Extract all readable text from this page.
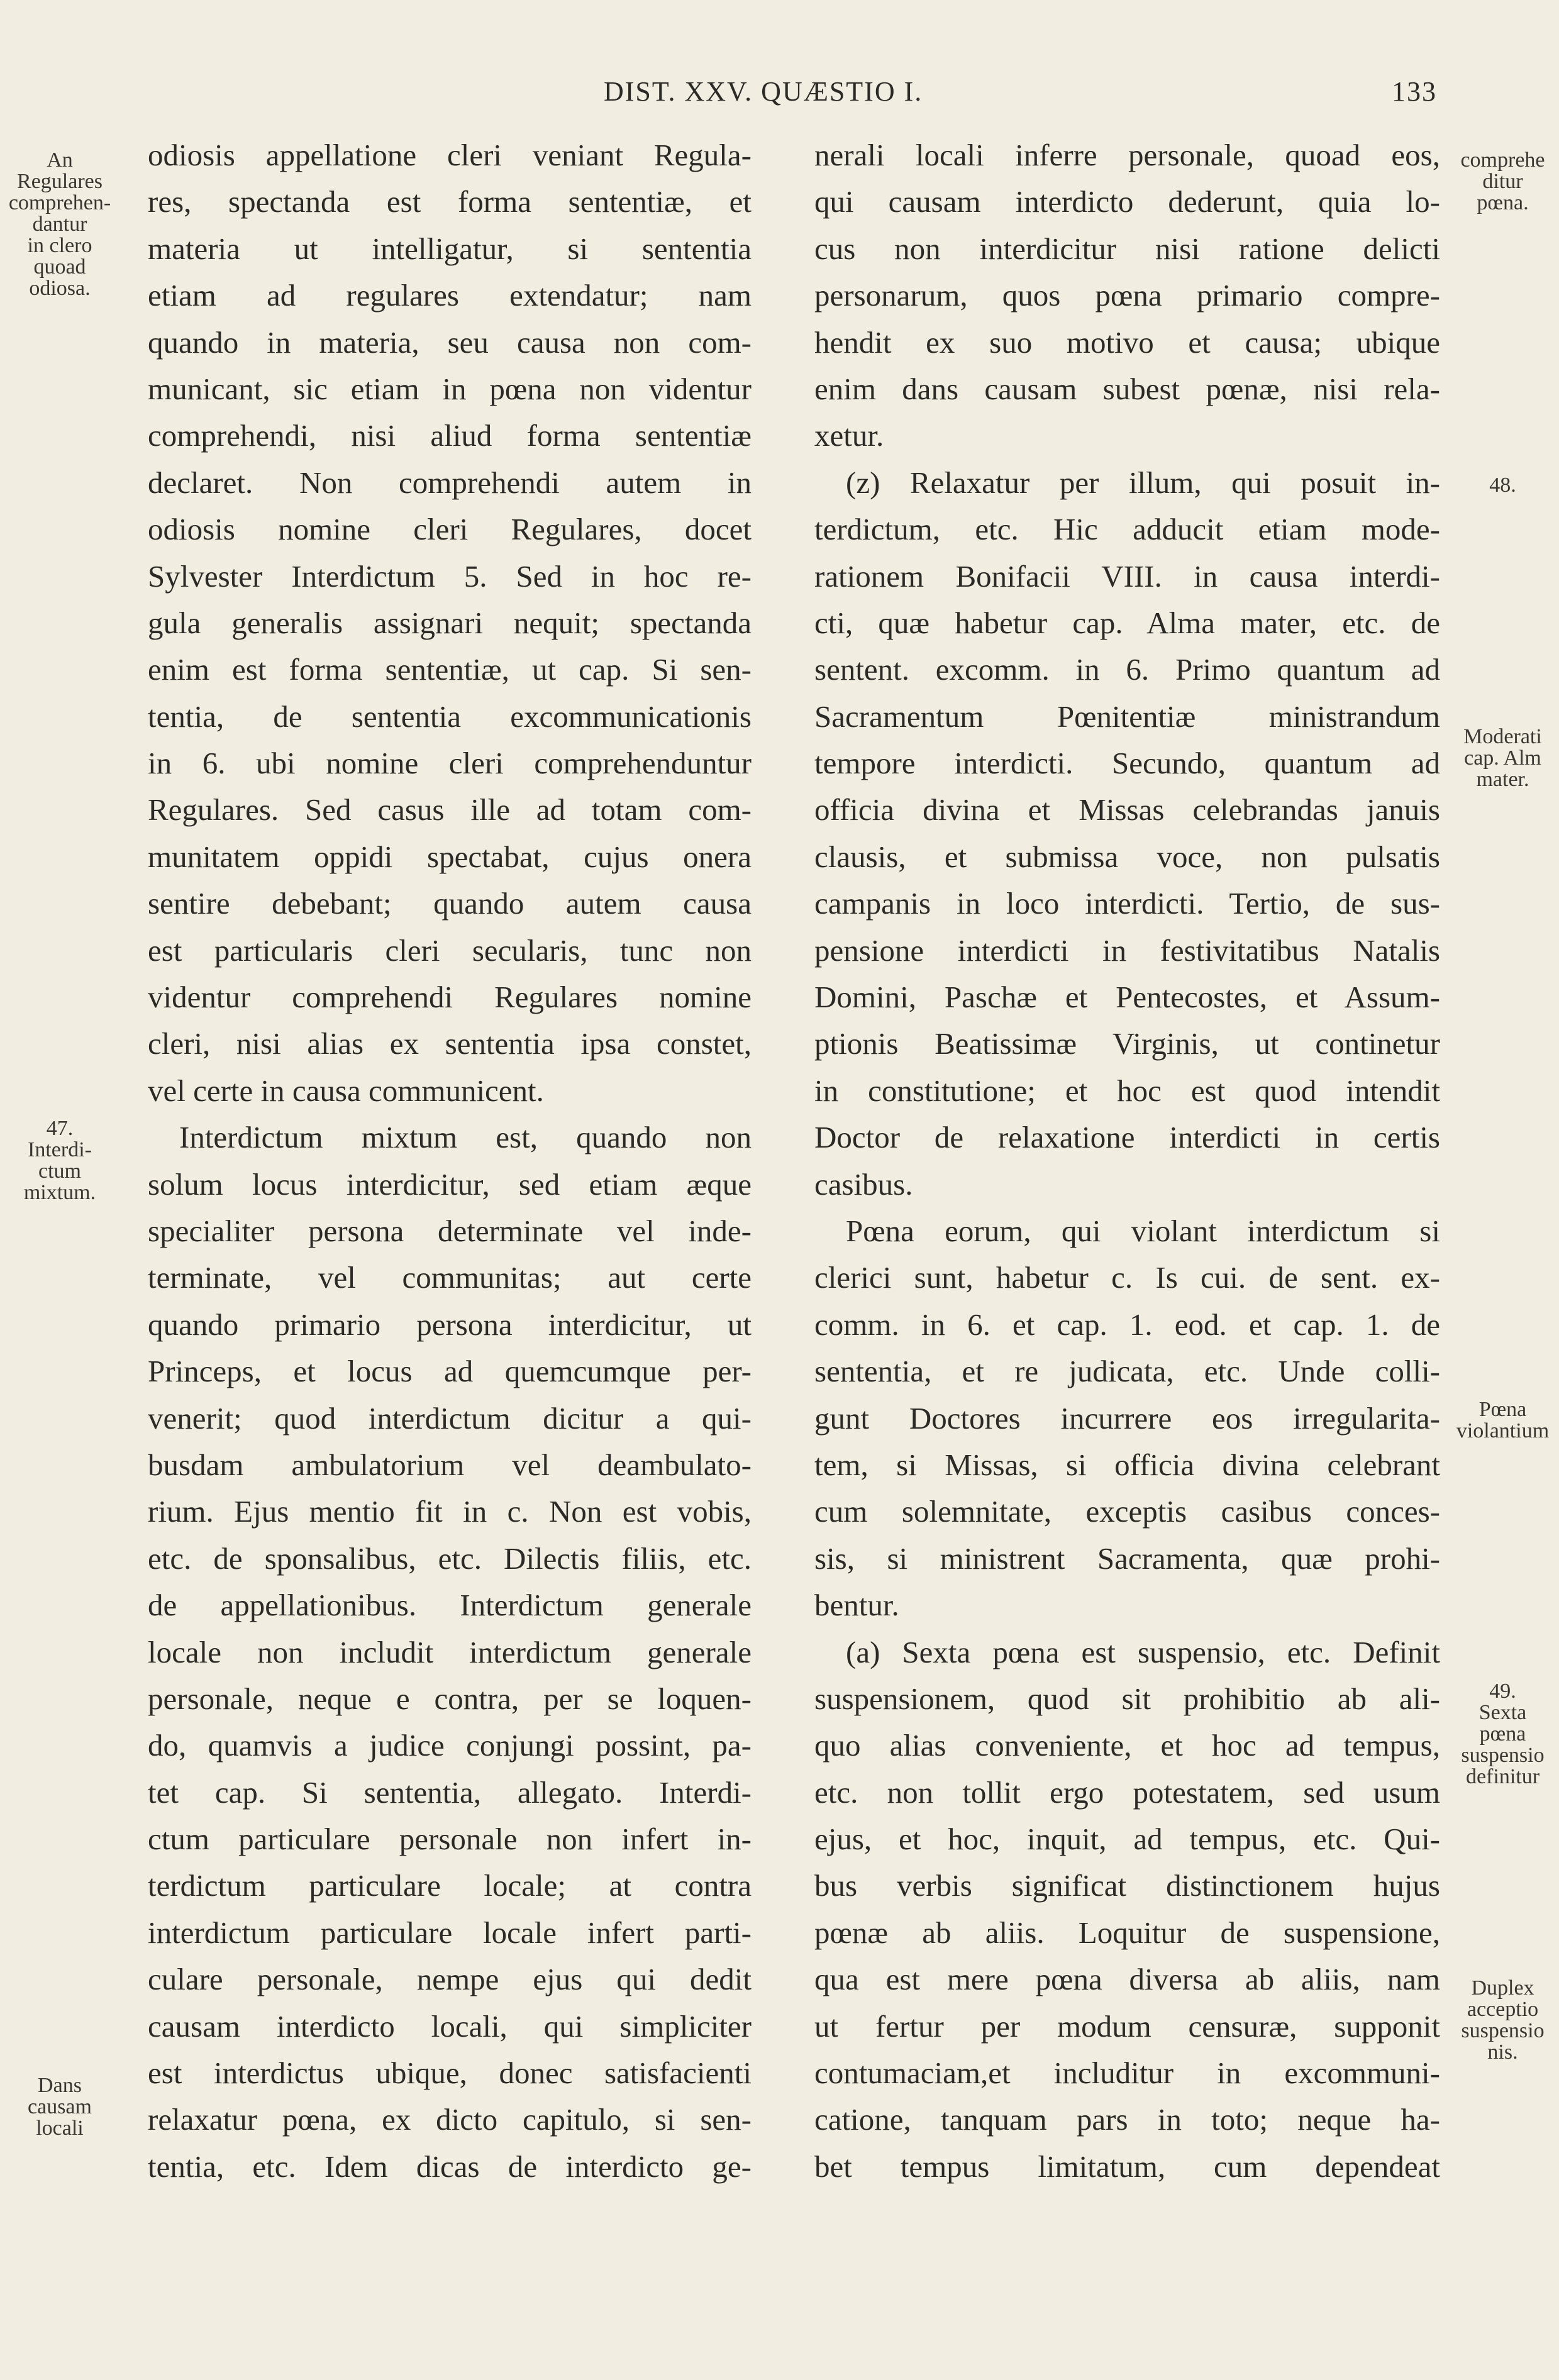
DIST. XXV. QUÆSTIO I.	133
odiosis appellatione cleri veniant Regula-
res, spectanda est forma sententiæ, et
materia ut intelligatur, si sententia
etiam ad regulares extendatur; nam
quando in materia, seu causa non com-
municant, sic etiam in pœna non videntur
comprehendi, nisi aliud forma sententiæ
declaret. Non comprehendi autem in
odiosis nomine cleri Regulares, docet
Sylvester Interdictum 5. Sed in hoc re-
gula generalis assignari nequit; spectanda
enim est forma sententiæ, ut cap. Si sen-
tentia, de sententia excommunicationis
in 6. ubi nomine cleri comprehenduntur
Regulares. Sed casus ille ad totam com-
munitatem oppidi spectabat, cujus onera
sentire debebant; quando autem causa
est particularis cleri secularis, tunc non
videntur comprehendi Regulares nomine
cleri, nisi alias ex sententia ipsa constet,
vel certe in causa communicent.
Interdictum mixtum est, quando non
solum locus interdicitur, sed etiam æque
specialiter persona determinate vel inde-
terminate, vel communitas; aut certe
quando primario persona interdicitur, ut
Princeps, et locus ad quemcumque per-
venerit; quod interdictum dicitur a qui-
busdam ambulatorium vel deambulato-
rium. Ejus mentio fit in c. Non est vobis,
etc. de sponsalibus, etc. Dilectis filiis, etc.
de appellationibus. Interdictum generale
locale non includit interdictum generale
personale, neque e contra, per se loquen-
do, quamvis a judice conjungi possint, pa-
tet cap. Si sententia, allegato. Interdi-
ctum particulare personale non infert in-
terdictum particulare locale; at contra
interdictum particulare locale infert parti-
culare personale, nempe ejus qui dedit
causam interdicto locali, qui simpliciter
est interdictus ubique, donec satisfacienti
relaxatur pœna, ex dicto capitulo, si sen-
tentia, etc. Idem dicas de interdicto ge-
nerali locali inferre personale, quoad eos,
qui causam interdicto dederunt, quia lo-
cus non interdicitur nisi ratione delicti
personarum, quos pœna primario compre-
hendit ex suo motivo et causa; ubique
enim dans causam subest pœnæ, nisi rela-
xetur.
(z) Relaxatur per illum, qui posuit in-
terdictum, etc. Hic adducit etiam mode-
rationem Bonifacii VIII. in causa interdi-
cti, quæ habetur cap. Alma mater, etc. de
sentent. excomm. in 6. Primo quantum ad
Sacramentum Pœnitentiæ ministrandum
tempore interdicti. Secundo, quantum ad
officia divina et Missas celebrandas januis
clausis, et submissa voce, non pulsatis
campanis in loco interdicti. Tertio, de sus-
pensione interdicti in festivitatibus Natalis
Domini, Paschæ et Pentecostes, et Assum-
ptionis Beatissimæ Virginis, ut continetur
in constitutione; et hoc est quod intendit
Doctor de relaxatione interdicti in certis
casibus.
Pœna eorum, qui violant interdictum si
clerici sunt, habetur c. Is cui. de sent. ex-
comm. in 6. et cap. 1. eod. et cap. 1. de
sententia, et re judicata, etc. Unde colli-
gunt Doctores incurrere eos irregularita-
tem, si Missas, si officia divina celebrant
cum solemnitate, exceptis casibus conces-
sis, si ministrent Sacramenta, quæ prohi-
bentur.
(a) Sexta pœna est suspensio, etc. Definit
suspensionem, quod sit prohibitio ab ali-
quo alias conveniente, et hoc ad tempus,
etc. non tollit ergo potestatem, sed usum
ejus, et hoc, inquit, ad tempus, etc. Qui-
bus verbis significat distinctionem hujus
pœnæ ab aliis. Loquitur de suspensione,
qua est mere pœna diversa ab aliis, nam
ut fertur per modum censuræ, supponit
contumaciam,et includitur in excommuni-
catione, tanquam pars in toto; neque ha-
bet tempus limitatum, cum dependeat
An
Regulares
comprehen-
dantur
in clero
quoad
odiosa.
47.
Interdi-
ctum
mixtum.
Dans
causam
locali
comprehe
ditur
pœna.
48.
Moderati
cap. Alm
mater.
Pœna
violantium
49.
Sexta
pœna
suspensio
definitur
Duplex
acceptio
suspensio
nis.
